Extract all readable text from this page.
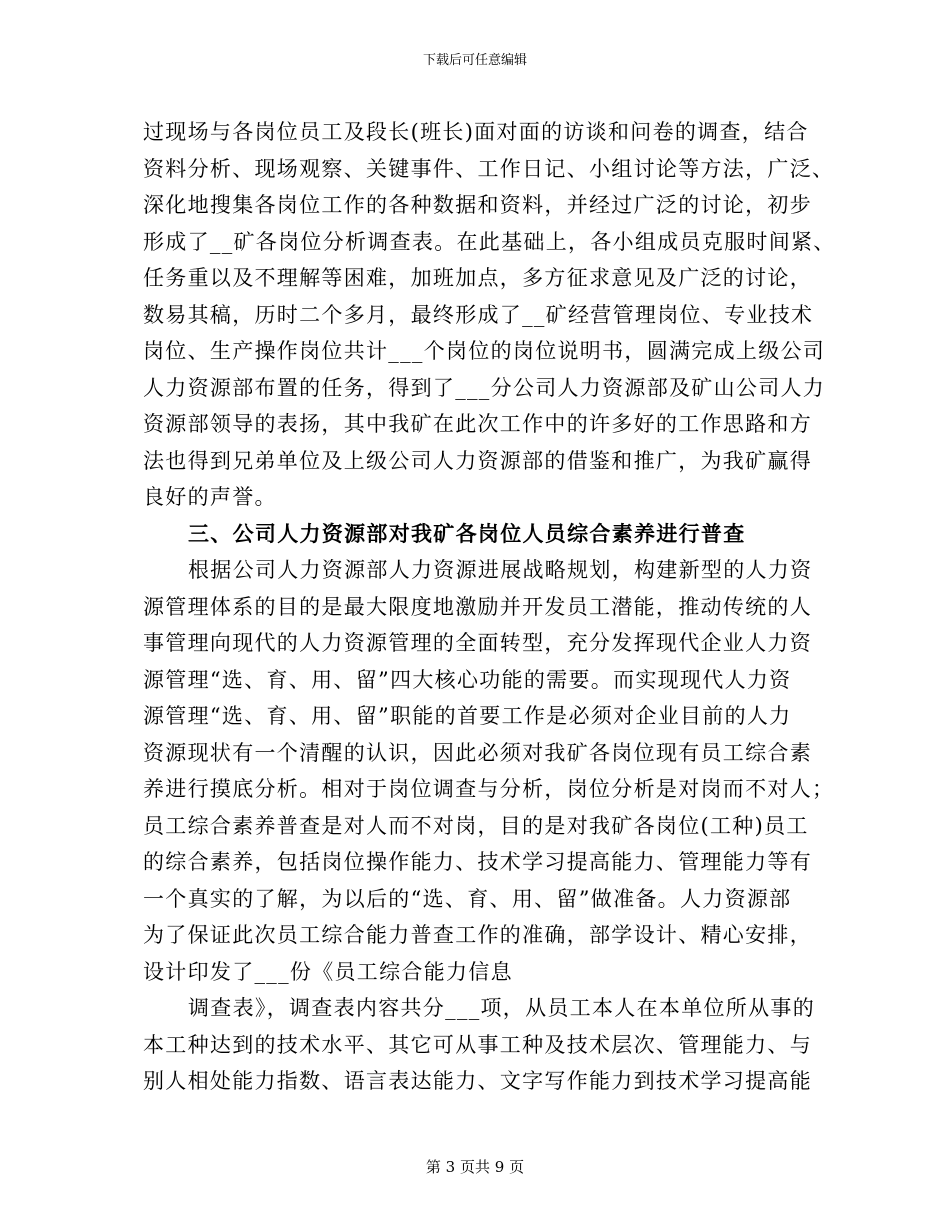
下载后可任意编辑
过现场与各岗位员工及段长(班长)面对面的访谈和问卷的调查，结合
资料分析、现场观察、关键事件、工作日记、小组讨论等方法，广泛、
深化地搜集各岗位工作的各种数据和资料，并经过广泛的讨论，初步
形成了__矿各岗位分析调查表。在此基础上，各小组成员克服时间紧、
任务重以及不理解等困难，加班加点，多方征求意见及广泛的讨论，
数易其稿，历时二个多月，最终形成了__矿经营管理岗位、专业技术
岗位、生产操作岗位共计___个岗位的岗位说明书，圆满完成上级公司
人力资源部布置的任务，得到了___分公司人力资源部及矿山公司人力
资源部领导的表扬，其中我矿在此次工作中的许多好的工作思路和方
法也得到兄弟单位及上级公司人力资源部的借鉴和推广，为我矿赢得
良好的声誉。
三、公司人力资源部对我矿各岗位人员综合素养进行普查
根据公司人力资源部人力资源进展战略规划，构建新型的人力资
源管理体系的目的是最大限度地激励并开发员工潜能，推动传统的人
事管理向现代的人力资源管理的全面转型，充分发挥现代企业人力资
源管理“选、育、用、留”四大核心功能的需要。而实现现代人力资
源管理“选、育、用、留”职能的首要工作是必须对企业目前的人力
资源现状有一个清醒的认识，因此必须对我矿各岗位现有员工综合素
养进行摸底分析。相对于岗位调查与分析，岗位分析是对岗而不对人；
员工综合素养普查是对人而不对岗，目的是对我矿各岗位(工种)员工
的综合素养，包括岗位操作能力、技术学习提高能力、管理能力等有
一个真实的了解，为以后的“选、育、用、留”做准备。人力资源部
为了保证此次员工综合能力普查工作的准确，部学设计、精心安排，
设计印发了___份《员工综合能力信息
调查表》，调查表内容共分___项，从员工本人在本单位所从事的
本工种达到的技术水平、其它可从事工种及技术层次、管理能力、与
别人相处能力指数、语言表达能力、文字写作能力到技术学习提高能
第 3 页共 9 页
